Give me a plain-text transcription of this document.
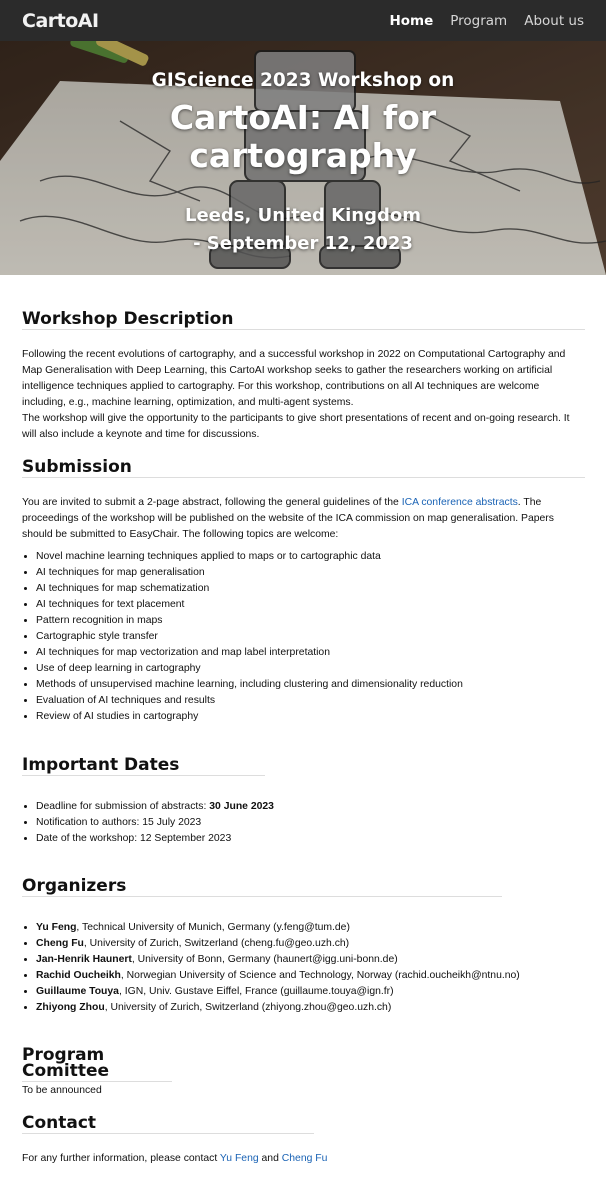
CartoAI	Home Program About us
GIScience 2023 Workshop on
CartoAI: AI for cartography
Leeds, United Kingdom - September 12, 2023
Workshop Description

Following the recent evolutions of cartography, and a successful workshop in 2022 on Computational Cartography and Map Generalisation with Deep Learning, this CartoAI workshop seeks to gather the researchers working on artificial intelligence techniques applied to cartography. For this workshop, contributions on all AI techniques are welcome including, e.g., machine learning, optimization, and multi-agent systems.

The workshop will give the opportunity to the participants to give short presentations of recent and on-going research. It will also include a keynote and time for discussions.

Submission

You are invited to submit a 2-page abstract, following the general guidelines of the ICA conference abstracts. The proceedings of the workshop will be published on the website of the ICA commission on map generalisation. Papers should be submitted to EasyChair. The following topics are welcome:

• Novel machine learning techniques applied to maps or to cartographic data
• AI techniques for map generalisation
• AI techniques for map schematization
• AI techniques for text placement
• Pattern recognition in maps
• Cartographic style transfer
• AI techniques for map vectorization and map label interpretation
• Use of deep learning in cartography
• Methods of unsupervised machine learning, including clustering and dimensionality reduction
• Evaluation of AI techniques and results
• Review of AI studies in cartography
Important Dates
• Deadline for submission of abstracts: 30 June 2023
• Notification to authors: 15 July 2023
• Date of the workshop: 12 September 2023
Organizers
• Yu Feng, Technical University of Munich, Germany (y.feng@tum.de)
• Cheng Fu, University of Zurich, Switzerland (cheng.fu@geo.uzh.ch)
• Jan-Henrik Haunert, University of Bonn, Germany (haunert@igg.uni-bonn.de)
• Rachid Oucheikh, Norwegian University of Science and Technology, Norway (rachid.oucheikh@ntnu.no)
• Guillaume Touya, IGN, Univ. Gustave Eiffel, France (guillaume.touya@ign.fr)
• Zhiyong Zhou, University of Zurich, Switzerland (zhiyong.zhou@geo.uzh.ch)
Program Comittee

To be announced

Contact

For any further information, please contact Yu Feng and Cheng Fu
